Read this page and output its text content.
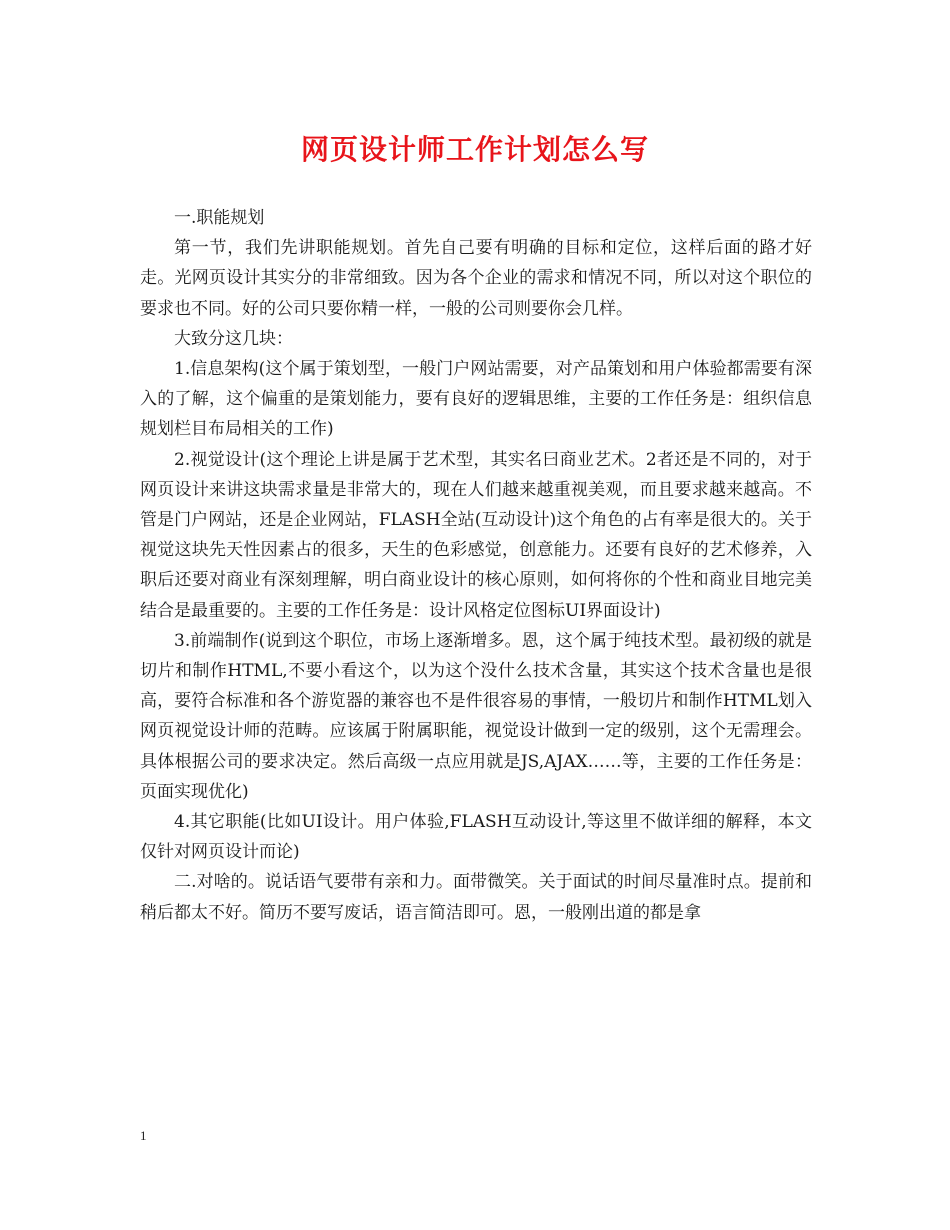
网页设计师工作计划怎么写

一.职能规划

第一节，我们先讲职能规划。首先自己要有明确的目标和定位，这样后面的路才好走。光网页设计其实分的非常细致。因为各个企业的需求和情况不同，所以对这个职位的要求也不同。好的公司只要你精一样，一般的公司则要你会几样。

大致分这几块：

1.信息架构(这个属于策划型，一般门户网站需要，对产品策划和用户体验都需要有深入的了解，这个偏重的是策划能力，要有良好的逻辑思维，主要的工作任务是：组织信息规划栏目布局相关的工作)

2.视觉设计(这个理论上讲是属于艺术型，其实名曰商业艺术。2者还是不同的，对于网页设计来讲这块需求量是非常大的，现在人们越来越重视美观，而且要求越来越高。不管是门户网站，还是企业网站，FLASH全站(互动设计)这个角色的占有率是很大的。关于视觉这块先天性因素占的很多，天生的色彩感觉，创意能力。还要有良好的艺术修养，入职后还要对商业有深刻理解，明白商业设计的核心原则，如何将你的个性和商业目地完美结合是最重要的。主要的工作任务是：设计风格定位图标UI界面设计)

3.前端制作(说到这个职位，市场上逐渐增多。恩，这个属于纯技术型。最初级的就是切片和制作HTML,不要小看这个，以为这个没什么技术含量，其实这个技术含量也是很高，要符合标准和各个游览器的兼容也不是件很容易的事情，一般切片和制作HTML划入网页视觉设计师的范畴。应该属于附属职能，视觉设计做到一定的级别，这个无需理会。具体根据公司的要求决定。然后高级一点应用就是JS,AJAX……等，主要的工作任务是：页面实现优化)

4.其它职能(比如UI设计。用户体验,FLASH互动设计,等这里不做详细的解释，本文仅针对网页设计而论)

二.对啥的。说话语气要带有亲和力。面带微笑。关于面试的时间尽量准时点。提前和稍后都太不好。简历不要写废话，语言简洁即可。恩，一般刚出道的都是拿

1
